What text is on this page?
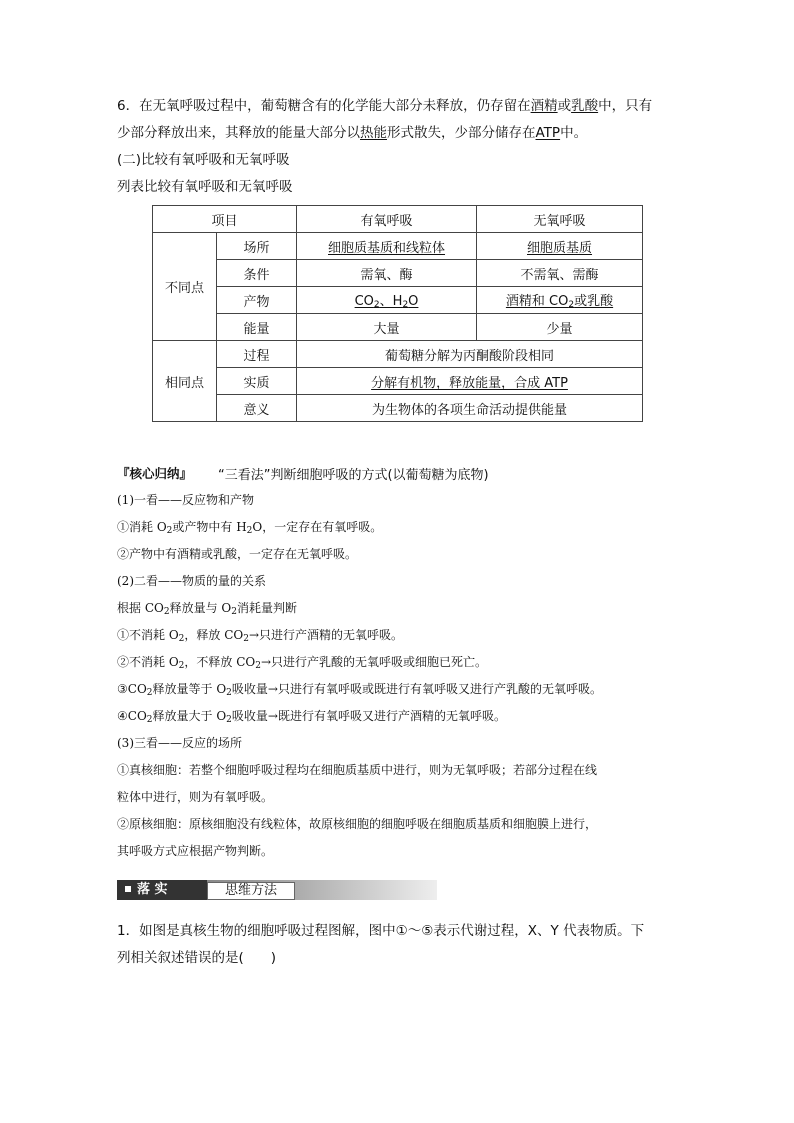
6．在无氧呼吸过程中，葡萄糖含有的化学能大部分未释放，仍存留在酒精或乳酸中，只有
少部分释放出来，其释放的能量大部分以热能形式散失，少部分储存在ATP中。
(二)比较有氧呼吸和无氧呼吸
列表比较有氧呼吸和无氧呼吸
项目		有氧呼吸	无氧呼吸
不同点	场所	细胞质基质和线粒体	细胞质基质
	条件	需氧、酶	不需氧、需酶
	产物	$CO_2$、$H_2O$	酒精和 $CO_2$或乳酸
	能量	大量	少量
相同点	过程	葡萄糖分解为丙酮酸阶段相同	
	实质	分解有机物，释放能量，合成 ATP	
	意义	为生物体的各项生命活动提供能量	
『核心归纳』 “三看法”判断细胞呼吸的方式(以葡萄糖为底物)
(1)一看——反应物和产物
①消耗 $O_2$或产物中有 $H_2O$，一定存在有氧呼吸。
②产物中有酒精或乳酸，一定存在无氧呼吸。
(2)二看——物质的量的关系
根据 $CO_2$释放量与 $O_2$消耗量判断
①不消耗 $O_2$，释放 $CO_2\to$只进行产酒精的无氧呼吸。
②不消耗 $O_2$，不释放 $CO_2\to$只进行产乳酸的无氧呼吸或细胞已死亡。
$③CO_2$释放量等于 $O_2$吸收量→只进行有氧呼吸或既进行有氧呼吸又进行产乳酸的无氧呼吸。
$④CO_2$释放量大于 $O_2$吸收量→既进行有氧呼吸又进行产酒精的无氧呼吸。
(3)三看——反应的场所
①真核细胞：若整个细胞呼吸过程均在细胞质基质中进行，则为无氧呼吸；若部分过程在线
粒体中进行，则为有氧呼吸。
②原核细胞：原核细胞没有线粒体，故原核细胞的细胞呼吸在细胞质基质和细胞膜上进行，
其呼吸方式应根据产物判断。
落 实	思维方法
1．如图是真核生物的细胞呼吸过程图解，图中①～⑤表示代谢过程，X、Y 代表物质。下
列相关叙述错误的是(　　)
